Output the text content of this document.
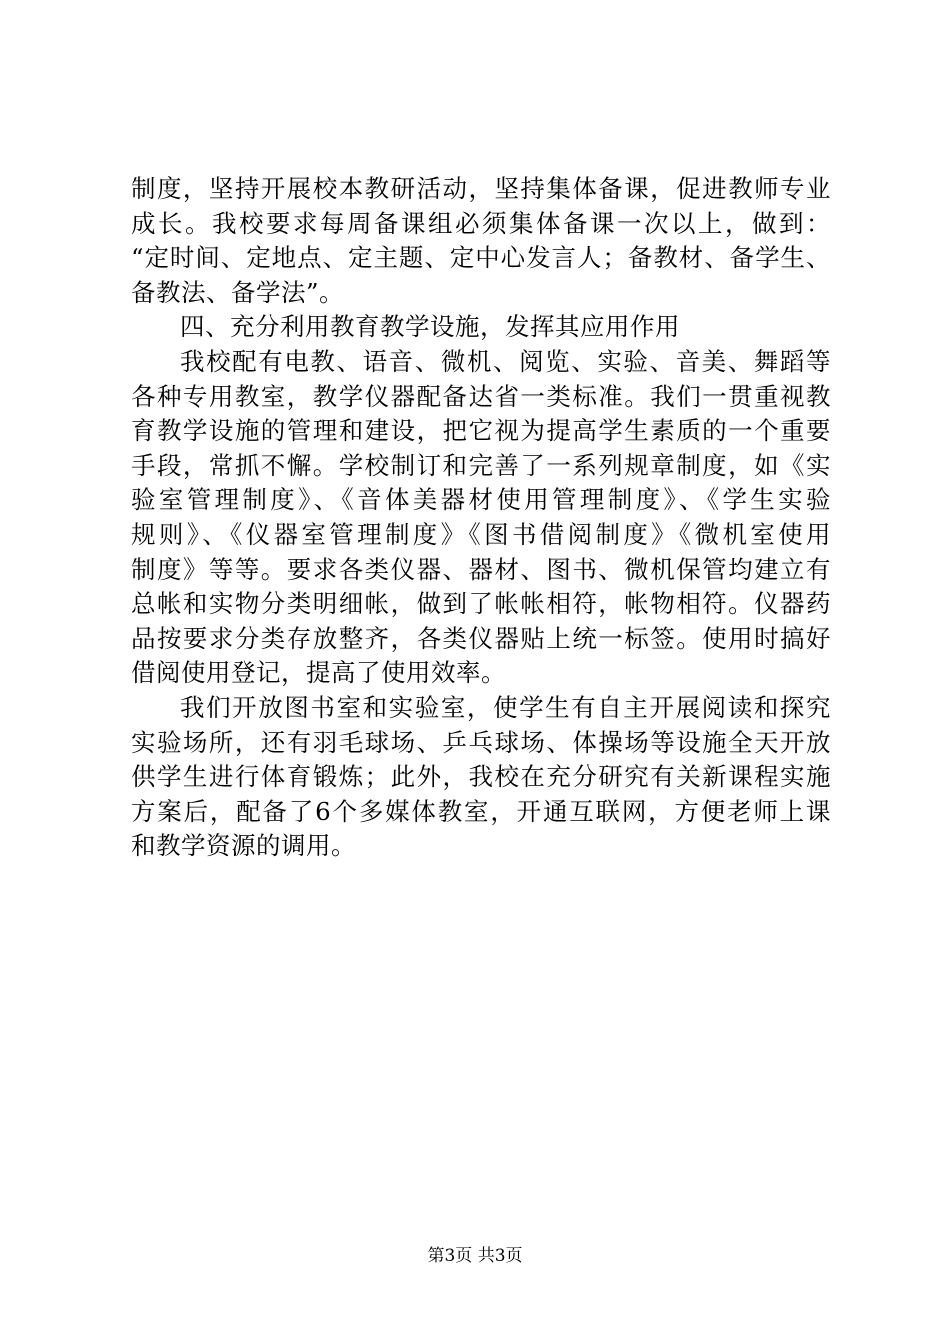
制度，坚持开展校本教研活动，坚持集体备课，促进教师专业
成长。我校要求每周备课组必须集体备课一次以上，做到：
“定时间、定地点、定主题、定中心发言人；备教材、备学生、
备教法、备学法”。
四、充分利用教育教学设施，发挥其应用作用
我校配有电教、语音、微机、阅览、实验、音美、舞蹈等
各种专用教室，教学仪器配备达省一类标准。我们一贯重视教
育教学设施的管理和建设，把它视为提高学生素质的一个重要
手段，常抓不懈。学校制订和完善了一系列规章制度，如《实
验室管理制度》、《音体美器材使用管理制度》、《学生实验
规则》、《仪器室管理制度》《图书借阅制度》《微机室使用
制度》等等。要求各类仪器、器材、图书、微机保管均建立有
总帐和实物分类明细帐，做到了帐帐相符，帐物相符。仪器药
品按要求分类存放整齐，各类仪器贴上统一标签。使用时搞好
借阅使用登记，提高了使用效率。
我们开放图书室和实验室，使学生有自主开展阅读和探究
实验场所，还有羽毛球场、乒乓球场、体操场等设施全天开放
供学生进行体育锻炼；此外，我校在充分研究有关新课程实施
方案后，配备了6个多媒体教室，开通互联网，方便老师上课
和教学资源的调用。
第3页 共3页
